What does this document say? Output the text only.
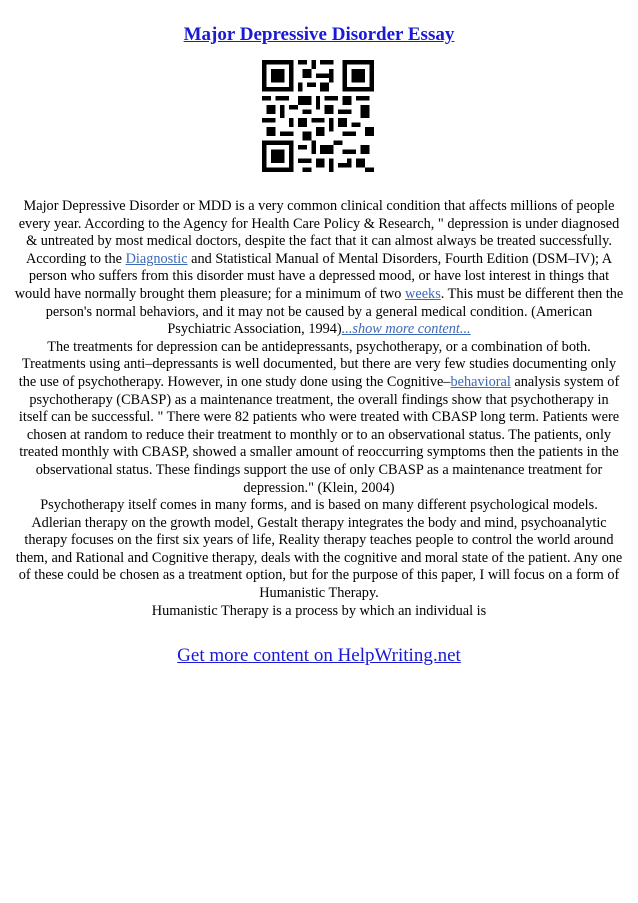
Major Depressive Disorder Essay

Major Depressive Disorder or MDD is a very common clinical condition that affects millions of people every year. According to the Agency for Health Care Policy & Research, " depression is under diagnosed & untreated by most medical doctors, despite the fact that it can almost always be treated successfully.

According to the Diagnostic and Statistical Manual of Mental Disorders, Fourth Edition (DSM–IV); A person who suffers from this disorder must have a depressed mood, or have lost interest in things that would have normally brought them pleasure; for a minimum of two weeks. This must be different then the person's normal behaviors, and it may not be caused by a general medical condition. (American Psychiatric Association, 1994)...show more content...

The treatments for depression can be antidepressants, psychotherapy, or a combination of both. Treatments using anti–depressants is well documented, but there are very few studies documenting only the use of psychotherapy. However, in one study done using the Cognitive–behavioral analysis system of psychotherapy (CBASP) as a maintenance treatment, the overall findings show that psychotherapy in itself can be successful. " There were 82 patients who were treated with CBASP long term. Patients were chosen at random to reduce their treatment to monthly or to an observational status. The patients, only treated monthly with CBASP, showed a smaller amount of reoccurring symptoms then the patients in the observational status. These findings support the use of only CBASP as a maintenance treatment for depression." (Klein, 2004)

Psychotherapy itself comes in many forms, and is based on many different psychological models. Adlerian therapy on the growth model, Gestalt therapy integrates the body and mind, psychoanalytic therapy focuses on the first six years of life, Reality therapy teaches people to control the world around them, and Rational and Cognitive therapy, deals with the cognitive and moral state of the patient. Any one of these could be chosen as a treatment option, but for the purpose of this paper, I will focus on a form of Humanistic Therapy.

Humanistic Therapy is a process by which an individual is

Get more content on HelpWriting.net
